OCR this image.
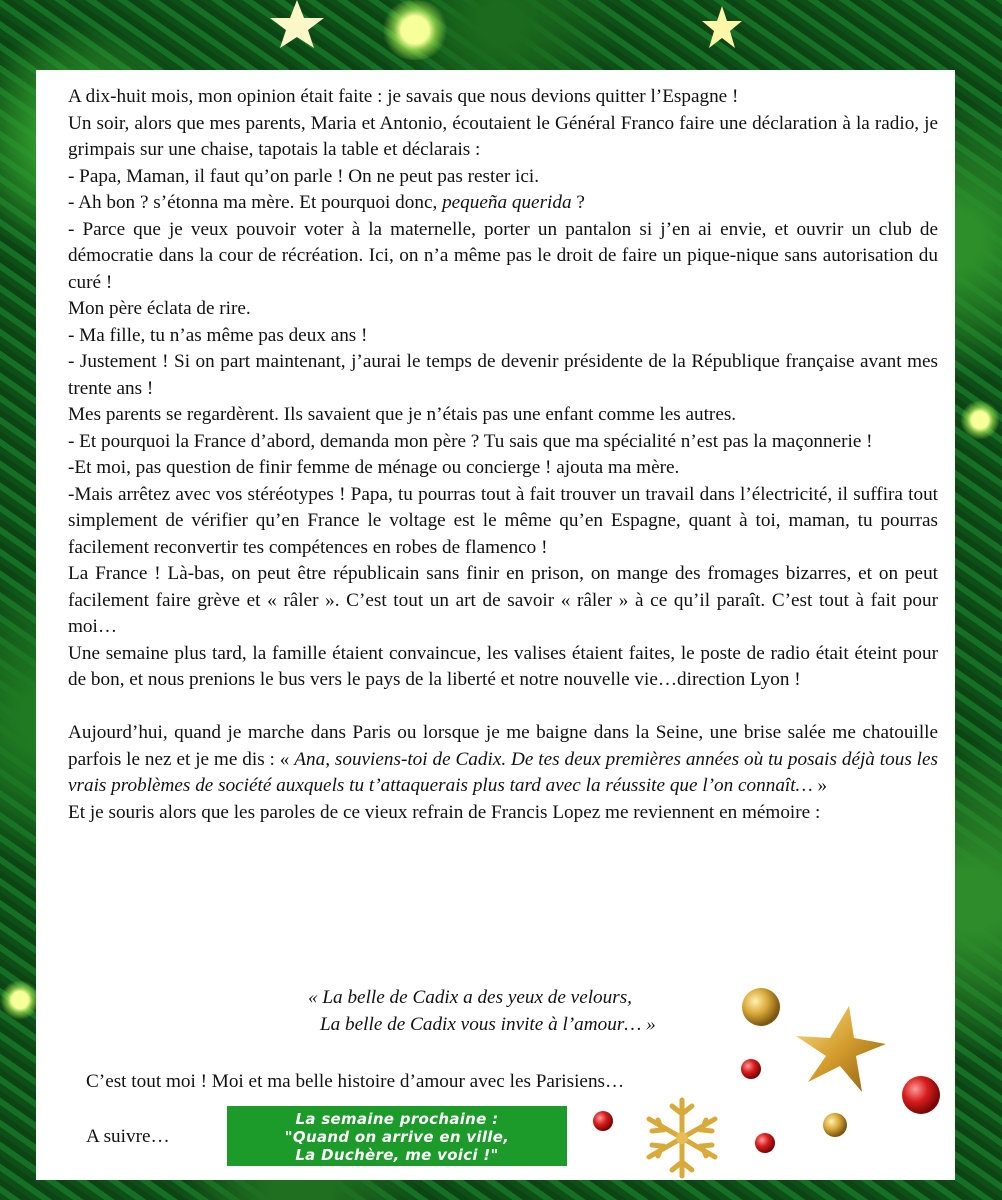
A dix-huit mois, mon opinion était faite : je savais que nous devions quitter l’Espagne !

Un soir, alors que mes parents, Maria et Antonio, écoutaient le Général Franco faire une déclaration à la radio, je grimpais sur une chaise, tapotais la table et déclarais :

- Papa, Maman, il faut qu’on parle ! On ne peut pas rester ici.

- Ah bon ? s’étonna ma mère. Et pourquoi donc, pequeña querida ?

- Parce que je veux pouvoir voter à la maternelle, porter un pantalon si j’en ai envie, et ouvrir un club de démocratie dans la cour de récréation. Ici, on n’a même pas le droit de faire un pique-nique sans autorisation du curé !

Mon père éclata de rire.

- Ma fille, tu n’as même pas deux ans !

- Justement ! Si on part maintenant, j’aurai le temps de devenir présidente de la République française avant mes trente ans !

Mes parents se regardèrent. Ils savaient que je n’étais pas une enfant comme les autres.

- Et pourquoi la France d’abord, demanda mon père ? Tu sais que ma spécialité n’est pas la maçonnerie !

-Et moi, pas question de finir femme de ménage ou concierge ! ajouta ma mère.

-Mais arrêtez avec vos stéréotypes ! Papa, tu pourras tout à fait trouver un travail dans l’électricité, il suffira tout simplement de vérifier qu’en France le voltage est le même qu’en Espagne, quant à toi, maman, tu pourras facilement reconvertir tes compétences en robes de flamenco !

La France ! Là-bas, on peut être républicain sans finir en prison, on mange des fromages bizarres, et on peut facilement faire grève et « râler ». C’est tout un art de savoir « râler » à ce qu’il paraît. C’est tout à fait pour moi…

Une semaine plus tard, la famille étaient convaincue, les valises étaient faites, le poste de radio était éteint pour de bon, et nous prenions le bus vers le pays de la liberté et notre nouvelle vie…direction Lyon !

Aujourd’hui, quand je marche dans Paris ou lorsque je me baigne dans la Seine, une brise salée me chatouille parfois le nez et je me dis : « Ana, souviens-toi de Cadix. De tes deux premières années où tu posais déjà tous les vrais problèmes de société auxquels tu t’attaquerais plus tard avec la réussite que l’on connaît… »

Et je souris alors que les paroles de ce vieux refrain de Francis Lopez me reviennent en mémoire :

« La belle de Cadix a des yeux de velours,
La belle de Cadix vous invite à l’amour… »
C’est tout moi ! Moi et ma belle histoire d’amour avec les Parisiens…
A suivre…
La semaine prochaine :
"Quand on arrive en ville,
La Duchère, me voici !"
